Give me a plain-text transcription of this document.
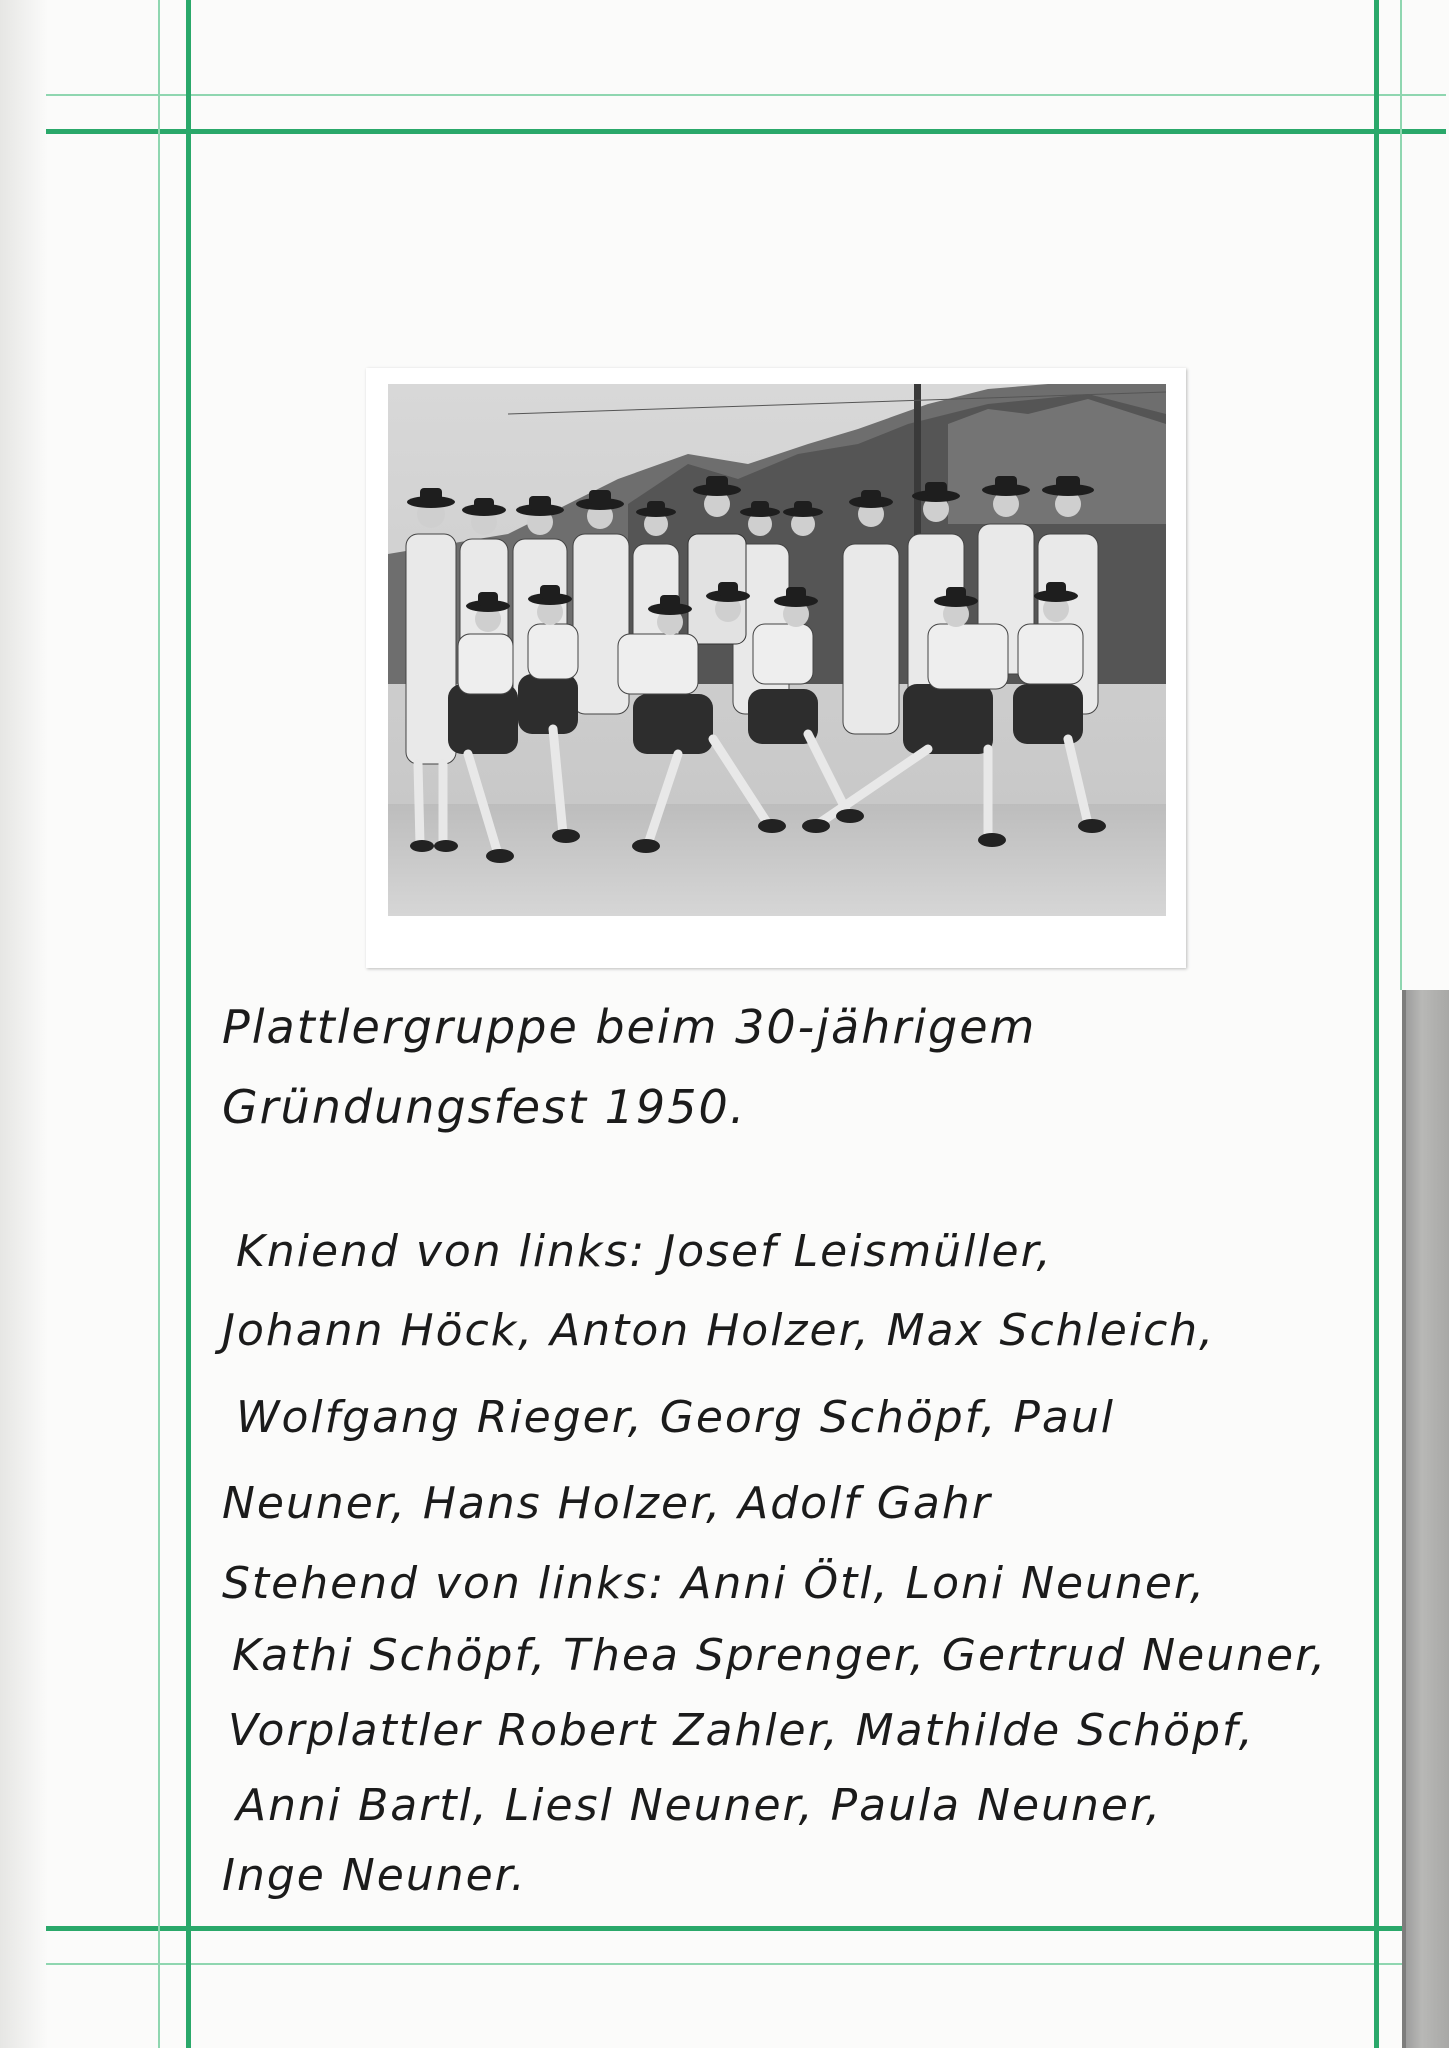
Plattlergruppe beim 30-jährigem
Gründungsfest 1950.
Kniend von links: Josef Leismüller,
Johann Höck, Anton Holzer, Max Schleich,
Wolfgang Rieger, Georg Schöpf, Paul
Neuner, Hans Holzer, Adolf Gahr
Stehend von links: Anni Ötl, Loni Neuner,
Kathi Schöpf, Thea Sprenger, Gertrud Neuner,
Vorplattler Robert Zahler, Mathilde Schöpf,
Anni Bartl, Liesl Neuner, Paula Neuner,
Inge Neuner.
